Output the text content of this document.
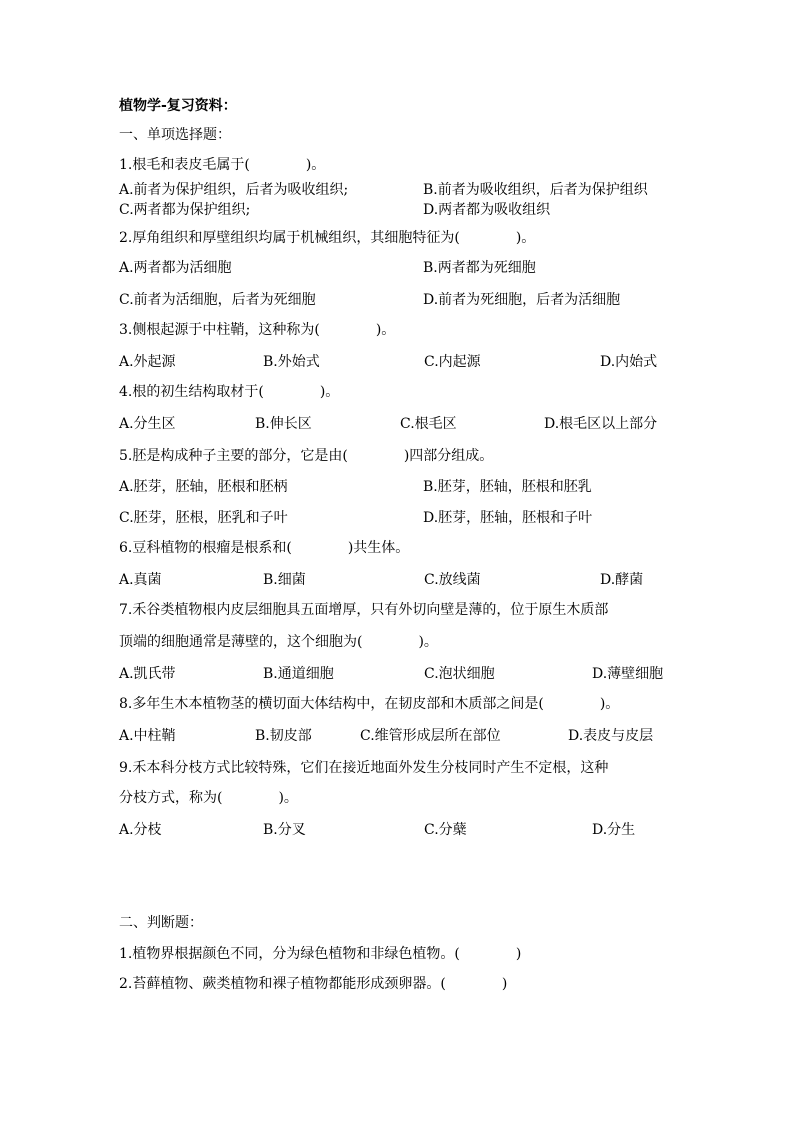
植物学-复习资料：
一、单项选择题：
1.根毛和表皮毛属于(　　　　)。
A.前者为保护组织，后者为吸收组织;	B.前者为吸收组织，后者为保护组织
C.两者都为保护组织;	D.两者都为吸收组织
2.厚角组织和厚壁组织均属于机械组织，其细胞特征为(　　　　)。
A.两者都为活细胞	B.两者都为死细胞
C.前者为活细胞，后者为死细胞	D.前者为死细胞，后者为活细胞
3.侧根起源于中柱鞘，这种称为(　　　　)。
A.外起源	B.外始式	C.内起源	D.内始式
4.根的初生结构取材于(　　　　)。
A.分生区	B.伸长区	C.根毛区	D.根毛区以上部分
5.胚是构成种子主要的部分，它是由(　　　　)四部分组成。
A.胚芽，胚轴，胚根和胚柄	B.胚芽，胚轴，胚根和胚乳
C.胚芽，胚根，胚乳和子叶	D.胚芽，胚轴，胚根和子叶
6.豆科植物的根瘤是根系和(　　　　)共生体。
A.真菌	B.细菌	C.放线菌	D.酵菌
7.禾谷类植物根内皮层细胞具五面增厚，只有外切向壁是薄的，位于原生木质部
顶端的细胞通常是薄壁的，这个细胞为(　　　　)。
A.凯氏带	B.通道细胞	C.泡状细胞	D.薄壁细胞
8.多年生木本植物茎的横切面大体结构中，在韧皮部和木质部之间是(　　　　)。
A.中柱鞘	B.韧皮部	C.维管形成层所在部位	D.表皮与皮层
9.禾本科分枝方式比较特殊，它们在接近地面外发生分枝同时产生不定根，这种
分枝方式，称为(　　　　)。
A.分枝	B.分叉	C.分蘖	D.分生
二、判断题：
1.植物界根据颜色不同，分为绿色植物和非绿色植物。(　　　　)
2.苔藓植物、蕨类植物和裸子植物都能形成颈卵器。(　　　　)
